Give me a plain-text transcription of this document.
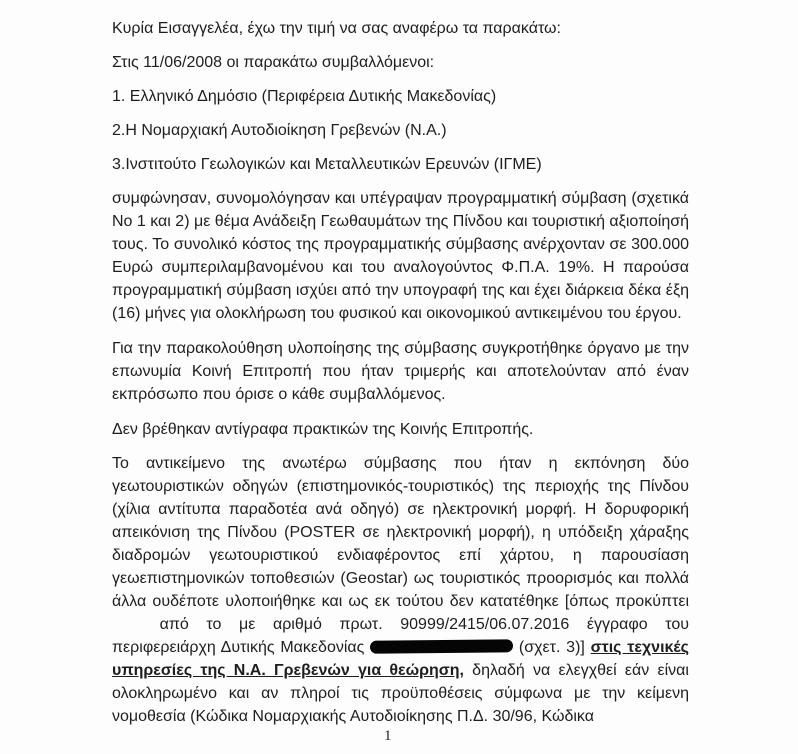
Κυρία Εισαγγελέα, έχω την τιμή να σας αναφέρω τα παρακάτω:

Στις 11/06/2008 οι παρακάτω συμβαλλόμενοι:

1. Ελληνικό Δημόσιο (Περιφέρεια Δυτικής Μακεδονίας)

2.Η Νομαρχιακή Αυτοδιοίκηση Γρεβενών (Ν.Α.)

3.Ινστιτούτο Γεωλογικών και Μεταλλευτικών Ερευνών (ΙΓΜΕ)

συμφώνησαν, συνομολόγησαν και υπέγραψαν προγραμματική σύμβαση (σχετικά Νο 1 και 2) με θέμα Ανάδειξη Γεωθαυμάτων της Πίνδου και τουριστική αξιοποίησή τους. Το συνολικό κόστος της προγραμματικής σύμβασης ανέρχονταν σε 300.000 Ευρώ συμπεριλαμβανομένου και του αναλογούντος Φ.Π.Α. 19%. Η παρούσα προγραμματική σύμβαση ισχύει από την υπογραφή της και έχει διάρκεια δέκα έξη (16) μήνες για ολοκλήρωση του φυσικού και οικονομικού αντικειμένου του έργου.

Για την παρακολούθηση υλοποίησης της σύμβασης συγκροτήθηκε όργανο με την επωνυμία Κοινή Επιτροπή που ήταν τριμερής και αποτελούνταν από έναν εκπρόσωπο που όρισε ο κάθε συμβαλλόμενος.

Δεν βρέθηκαν αντίγραφα πρακτικών της Κοινής Επιτροπής.

Το αντικείμενο της ανωτέρω σύμβασης που ήταν η εκπόνηση δύο γεωτουριστικών οδηγών (επιστημονικός-τουριστικός) της περιοχής της Πίνδου (χίλια αντίτυπα παραδοτέα ανά οδηγό) σε ηλεκτρονική μορφή. Η δορυφορική απεικόνιση της Πίνδου (POSTER σε ηλεκτρονική μορφή), η υπόδειξη χάραξης διαδρομών γεωτουριστικού ενδιαφέροντος επί χάρτου, η παρουσίαση γεωεπιστημονικών τοποθεσιών (Geostar) ως τουριστικός προορισμός και πολλά άλλα ουδέποτε υλοποιήθηκε και ως εκ τούτου δεν κατατέθηκε [όπως προκύπτει  από το με αριθμό πρωτ. 90999/2415/06.07.2016 έγγραφο του περιφερειάρχη Δυτικής Μακεδονίας	(σχετ. 3)] στις τεχνικές υπηρεσίες της Ν.Α. Γρεβενών για θεώρηση, δηλαδή να ελεγχθεί εάν είναι ολοκληρωμένο και αν πληροί τις προϋποθέσεις σύμφωνα με την κείμενη νομοθεσία (Κώδικα Νομαρχιακής Αυτοδιοίκησης Π.Δ. 30/96, Κώδικα

1
